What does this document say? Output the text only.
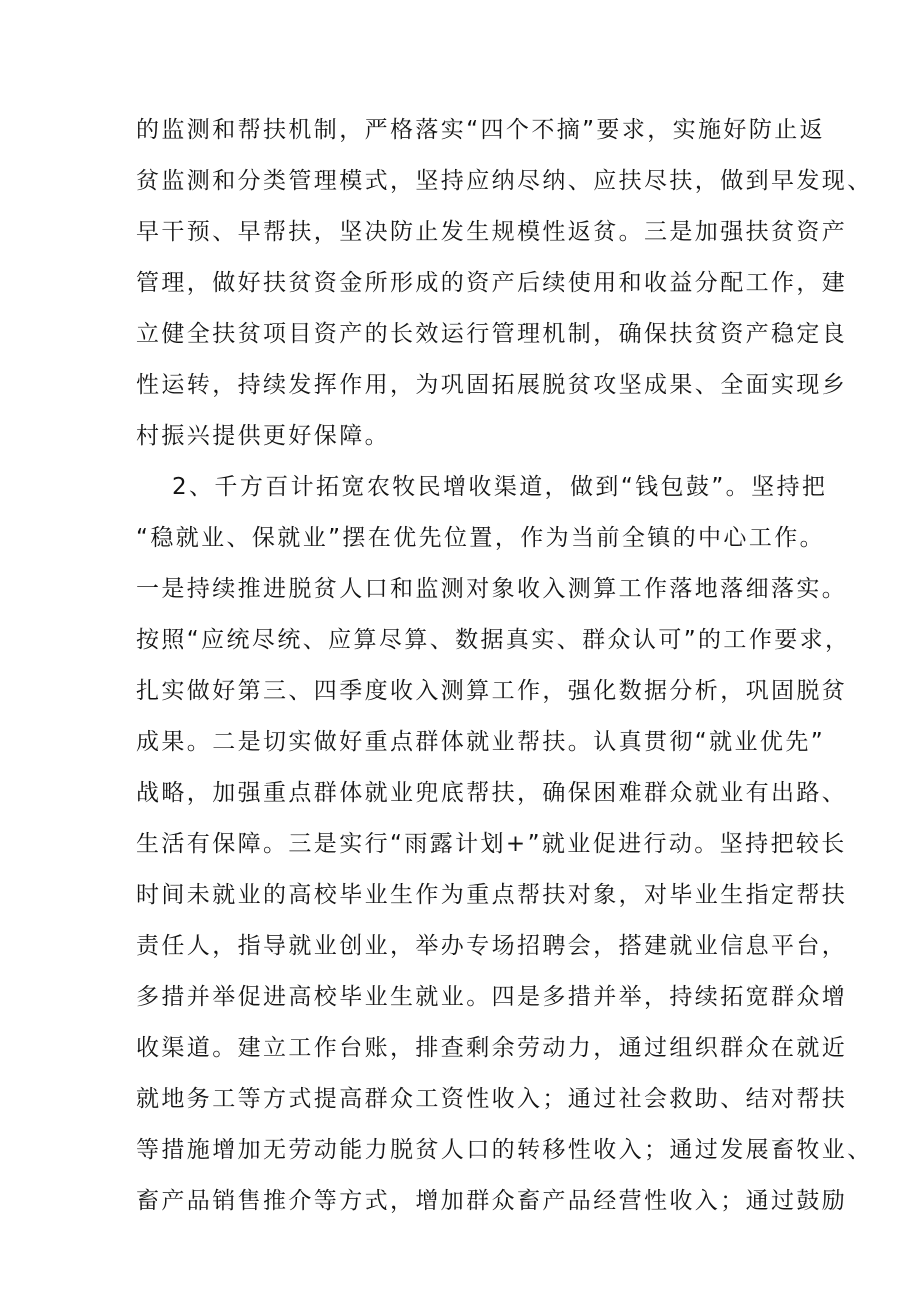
的监测和帮扶机制，严格落实“四个不摘”要求，实施好防止返
贫监测和分类管理模式，坚持应纳尽纳、应扶尽扶，做到早发现、
早干预、早帮扶，坚决防止发生规模性返贫。三是加强扶贫资产
管理，做好扶贫资金所形成的资产后续使用和收益分配工作，建
立健全扶贫项目资产的长效运行管理机制，确保扶贫资产稳定良
性运转，持续发挥作用，为巩固拓展脱贫攻坚成果、全面实现乡
村振兴提供更好保障。
2、千方百计拓宽农牧民增收渠道，做到“钱包鼓”。坚持把
“稳就业、保就业”摆在优先位置，作为当前全镇的中心工作。
一是持续推进脱贫人口和监测对象收入测算工作落地落细落实。
按照“应统尽统、应算尽算、数据真实、群众认可”的工作要求，
扎实做好第三、四季度收入测算工作，强化数据分析，巩固脱贫
成果。二是切实做好重点群体就业帮扶。认真贯彻“就业优先”
战略，加强重点群体就业兜底帮扶，确保困难群众就业有出路、
生活有保障。三是实行“雨露计划+”就业促进行动。坚持把较长
时间未就业的高校毕业生作为重点帮扶对象，对毕业生指定帮扶
责任人，指导就业创业，举办专场招聘会，搭建就业信息平台，
多措并举促进高校毕业生就业。四是多措并举，持续拓宽群众增
收渠道。建立工作台账，排查剩余劳动力，通过组织群众在就近
就地务工等方式提高群众工资性收入；通过社会救助、结对帮扶
等措施增加无劳动能力脱贫人口的转移性收入；通过发展畜牧业、
畜产品销售推介等方式，增加群众畜产品经营性收入；通过鼓励
